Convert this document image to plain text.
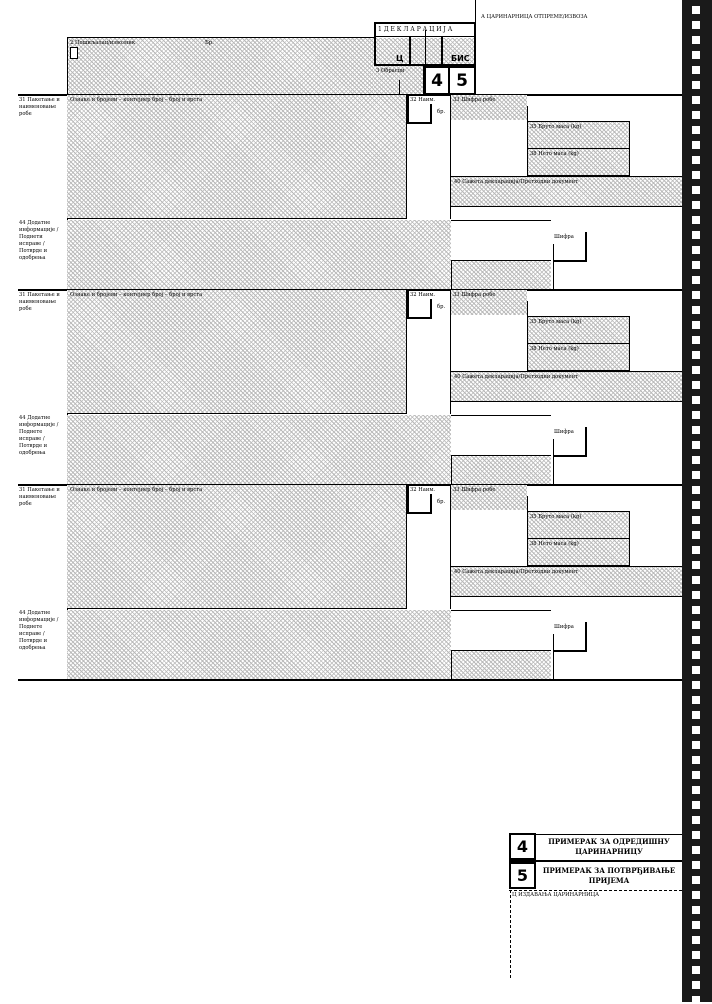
А ЦАРИНАРНИЦА ОТПРЕМЕ/ИЗВОЗА
2 Пошиљалац/извозник	Бр.
1 Д Е К Л А Р А Ц И Ј А
Ц	БИС
3 Обрасци 4 5
31 Пакетање и наименовање робе
Ознаке и бројеви – контејнер број – број и врста	32 Наим.
бр.
33 Шифра робе
35 Бруто маса (kg)
38 Нето маса (kg)
40 Сажета декларација/Претходни документ
44 Додатне информације / Поднети исправе / Потврде и одобрења
Шифра
31 Пакетање и наименовање робе
Ознаке и бројеви – контејнер број – број и врста	32 Наим.
бр.
33 Шифра робе
35 Бруто маса (kg)
38 Нето маса (kg)
40 Сажета декларација/Претходни документ
44 Додатне информације / Поднете исправе / Потврде и одобрења
Шифра
31 Пакетање и наименовање робе
Ознаке и бројеви – контејнер број – број и врста	32 Наим.
бр.
33 Шифра робе
35 Бруто маса (kg)
38 Нето маса (kg)
40 Сажета декларација/Претходни документ
44 Додатне информације / Поднете исправе / Потврде и одобрења
Шифра
4	ПРИМЕРАК ЗА ОДРЕДИШНУ ЦАРИНАРНИЦУ
5	ПРИМЕРАК ЗА ПОТВРЂИВАЊЕ ПРИЈЕМА
Ц ИЗДАВАЊА ЦАРИНАРНИЦА
